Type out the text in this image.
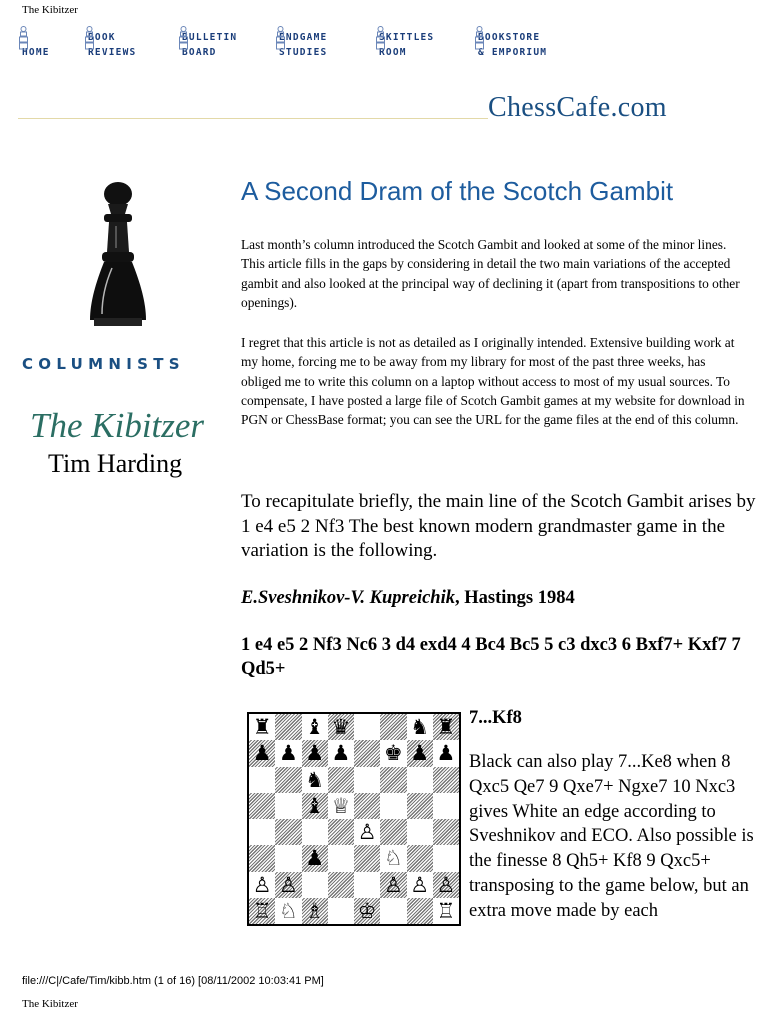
The Kibitzer
HOME
BOOK
REVIEWS
BULLETIN
BOARD
ENDGAME
STUDIES
SKITTLES
ROOM
BOOKSTORE
& EMPORIUM
ChessCafe.com
COLUMNISTS
The Kibitzer
Tim Harding
A Second Dram of the Scotch Gambit
Last month’s column introduced the Scotch Gambit and looked at some of the minor lines. This article fills in the gaps by considering in detail the two main variations of the accepted gambit and also looked at the principal way of declining it (apart from transpositions to other openings).
I regret that this article is not as detailed as I originally intended. Extensive building work at my home, forcing me to be away from my library for most of the past three weeks, has obliged me to write this column on a laptop without access to most of my usual sources. To compensate, I have posted a large file of Scotch Gambit games at my website for download in PGN or ChessBase format; you can see the URL for the game files at the end of this column.
To recapitulate briefly, the main line of the Scotch Gambit arises by 1 e4 e5 2 Nf3 The best known modern grandmaster game in the variation is the following.
E.Sveshnikov-V. Kupreichik, Hastings 1984
1 e4 e5 2 Nf3 Nc6 3 d4 exd4 4 Bc4 Bc5 5 c3 dxc3 6 Bxf7+ Kxf7 7 Qd5+
♜ ♝ ♛	♞ ♜
♟ ♟ ♟ ♟ ♚ ♟ ♟
♞
♝ ♕
♙
♟	♘
♙ ♙	♙ ♙ ♙
♖ ♘ ♗ ♔	♖
7...Kf8
Black can also play 7...Ke8 when 8 Qxc5 Qe7 9 Qxe7+ Ngxe7 10 Nxc3 gives White an edge according to Sveshnikov and ECO. Also possible is the finesse 8 Qh5+ Kf8 9 Qxc5+ transposing to the game below, but an extra move made by each
file:///C|/Cafe/Tim/kibb.htm (1 of 16) [08/11/2002 10:03:41 PM]
The Kibitzer
